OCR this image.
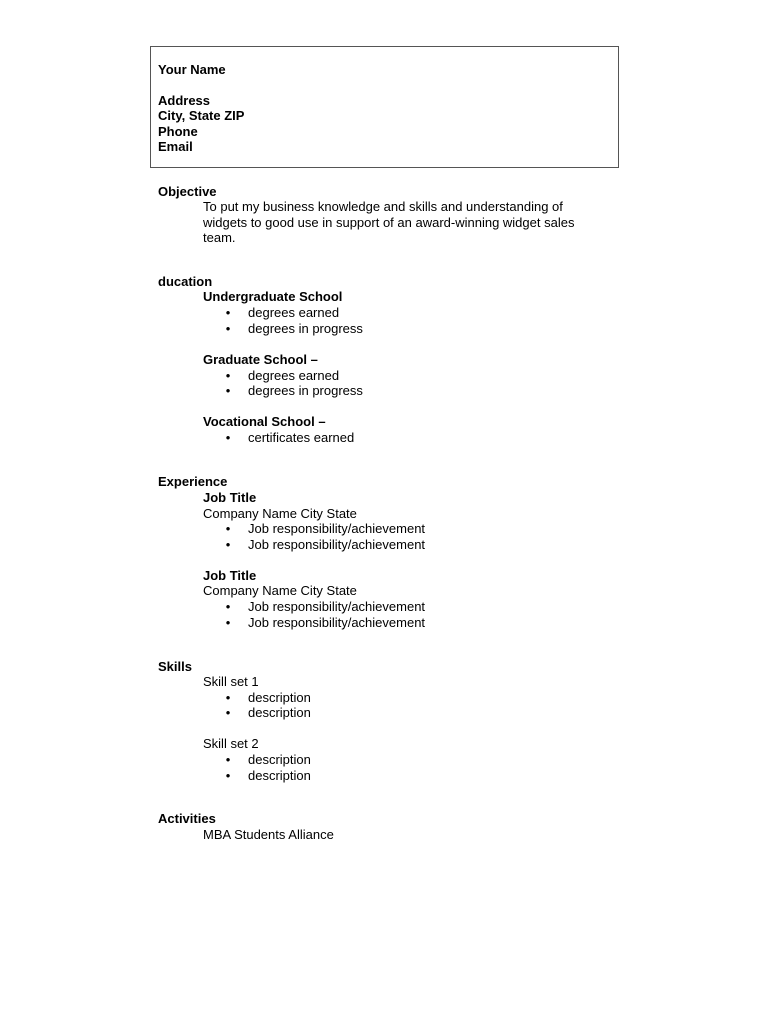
Your Name
Address
City, State ZIP
Phone
Email
Objective
To put my business knowledge and skills and understanding of
widgets to good use in support of an award-winning widget sales
team.
ducation
Undergraduate School
• degrees earned
• degrees in progress
Graduate School –
• degrees earned
• degrees in progress
Vocational School –
• certificates earned
Experience
Job Title
Company Name City State
• Job responsibility/achievement
• Job responsibility/achievement
Job Title
Company Name City State
• Job responsibility/achievement
• Job responsibility/achievement
Skills
Skill set 1
• description
• description
Skill set 2
• description
• description
Activities
MBA Students Alliance
